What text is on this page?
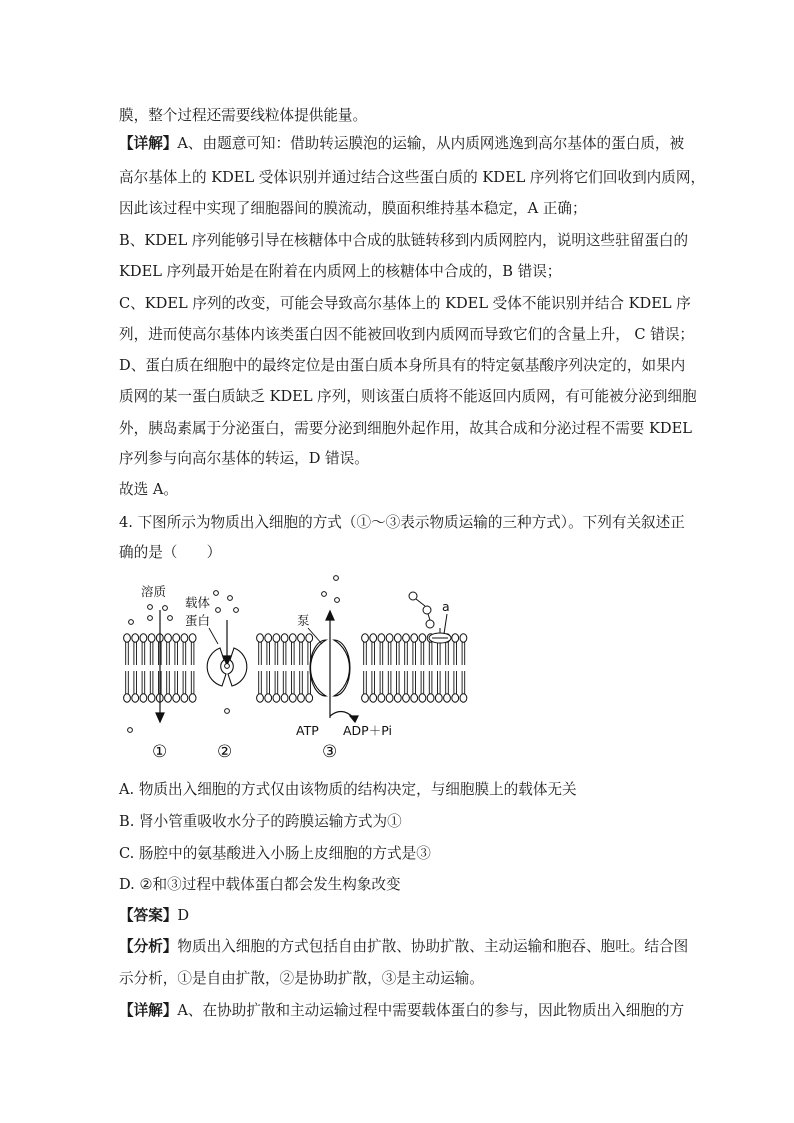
膜，整个过程还需要线粒体提供能量。
【详解】A、由题意可知：借助转运膜泡的运输，从内质网逃逸到高尔基体的蛋白质，被
高尔基体上的 KDEL 受体识别并通过结合这些蛋白质的 KDEL 序列将它们回收到内质网，
因此该过程中实现了细胞器间的膜流动，膜面积维持基本稳定，A 正确；
B、KDEL 序列能够引导在核糖体中合成的肽链转移到内质网腔内，说明这些驻留蛋白的
KDEL 序列最开始是在附着在内质网上的核糖体中合成的，B 错误；
C、KDEL 序列的改变，可能会导致高尔基体上的 KDEL 受体不能识别并结合 KDEL 序
列，进而使高尔基体内该类蛋白因不能被回收到内质网而导致它们的含量上升， C 错误；
D、蛋白质在细胞中的最终定位是由蛋白质本身所具有的特定氨基酸序列决定的，如果内
质网的某一蛋白质缺乏 KDEL 序列，则该蛋白质将不能返回内质网，有可能被分泌到细胞
外，胰岛素属于分泌蛋白，需要分泌到细胞外起作用，故其合成和分泌过程不需要 KDEL
序列参与向高尔基体的转运，D 错误。
故选 A。
4. 下图所示为物质出入细胞的方式（①～③表示物质运输的三种方式）。下列有关叙述正
确的是（　　）
A. 物质出入细胞的方式仅由该物质的结构决定，与细胞膜上的载体无关
B. 肾小管重吸收水分子的跨膜运输方式为①
C. 肠腔中的氨基酸进入小肠上皮细胞的方式是③
D. ②和③过程中载体蛋白都会发生构象改变
【答案】D
【分析】物质出入细胞的方式包括自由扩散、协助扩散、主动运输和胞吞、胞吐。结合图
示分析，①是自由扩散，②是协助扩散，③是主动运输。
【详解】A、在协助扩散和主动运输过程中需要载体蛋白的参与，因此物质出入细胞的方
溶质
载体
蛋白	泵
a
ATP ADP＋Pi
①	②	③
